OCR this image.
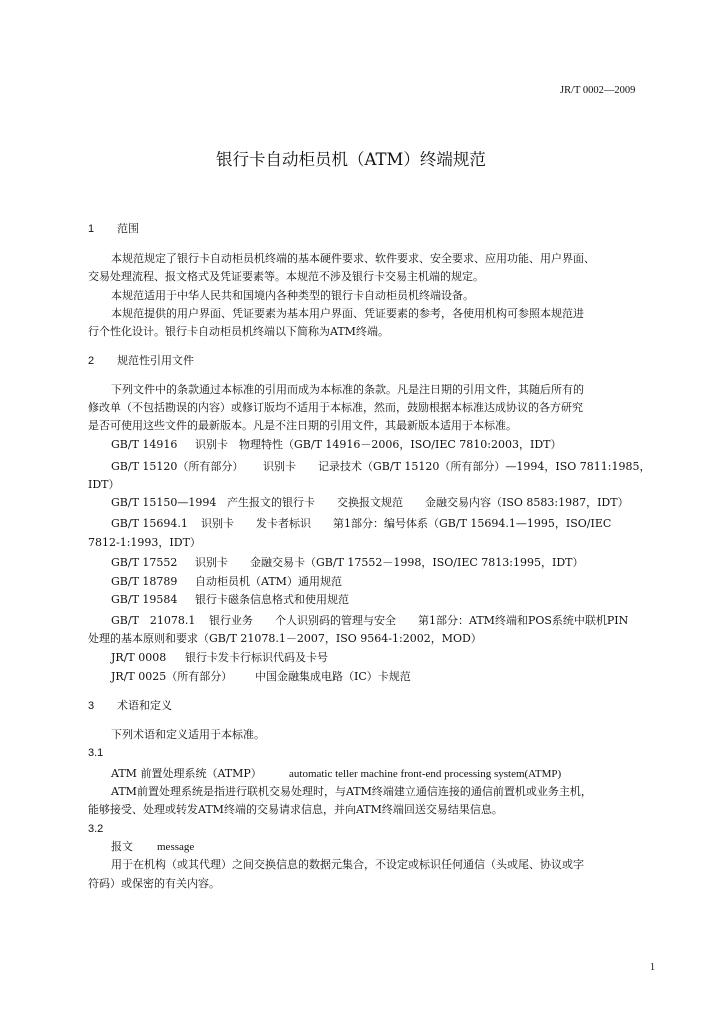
JR/T 0002—2009
银行卡自动柜员机（ATM）终端规范
1 范围
本规范规定了银行卡自动柜员机终端的基本硬件要求、软件要求、安全要求、应用功能、用户界面、
交易处理流程、报文格式及凭证要素等。本规范不涉及银行卡交易主机端的规定。
本规范适用于中华人民共和国境内各种类型的银行卡自动柜员机终端设备。
本规范提供的用户界面、凭证要素为基本用户界面、凭证要素的参考，各使用机构可参照本规范进
行个性化设计。银行卡自动柜员机终端以下简称为ATM终端。
2 规范性引用文件
下列文件中的条款通过本标准的引用而成为本标准的条款。凡是注日期的引用文件，其随后所有的
修改单（不包括勘误的内容）或修订版均不适用于本标准，然而，鼓励根据本标准达成协议的各方研究
是否可使用这些文件的最新版本。凡是不注日期的引用文件，其最新版本适用于本标准。
GB/T 14916 识别卡　物理特性（GB/T 14916－2006，ISO/IEC 7810:2003，IDT）
GB/T 15120（所有部分） 识别卡　　记录技术（GB/T 15120（所有部分）—1994，ISO 7811:1985，
IDT）
GB/T 15150—1994 产生报文的银行卡　　交换报文规范　　金融交易内容（ISO 8583:1987，IDT）
GB/T 15694.1 识别卡　　发卡者标识　　第1部分：编号体系（GB/T 15694.1—1995，ISO/IEC
7812-1:1993，IDT）
GB/T 17552 识别卡　　金融交易卡（GB/T 17552－1998，ISO/IEC 7813:1995，IDT）
GB/T 18789 自动柜员机（ATM）通用规范
GB/T 19584 银行卡磁条信息格式和使用规范
GB/T　21078.1 银行业务　　个人识别码的管理与安全　　第1部分：ATM终端和POS系统中联机PIN
处理的基本原则和要求（GB/T 21078.1－2007，ISO 9564-1:2002，MOD）
JR/T 0008 银行卡发卡行标识代码及卡号
JR/T 0025（所有部分） 中国金融集成电路（IC）卡规范
3 术语和定义
下列术语和定义适用于本标准。
3.1
ATM 前置处理系统（ATMP） automatic teller machine front-end processing system(ATMP)
ATM前置处理系统是指进行联机交易处理时，与ATM终端建立通信连接的通信前置机或业务主机，
能够接受、处理或转发ATM终端的交易请求信息，并向ATM终端回送交易结果信息。
3.2
报文 message
用于在机构（或其代理）之间交换信息的数据元集合，不设定或标识任何通信（头或尾、协议或字
符码）或保密的有关内容。
1
